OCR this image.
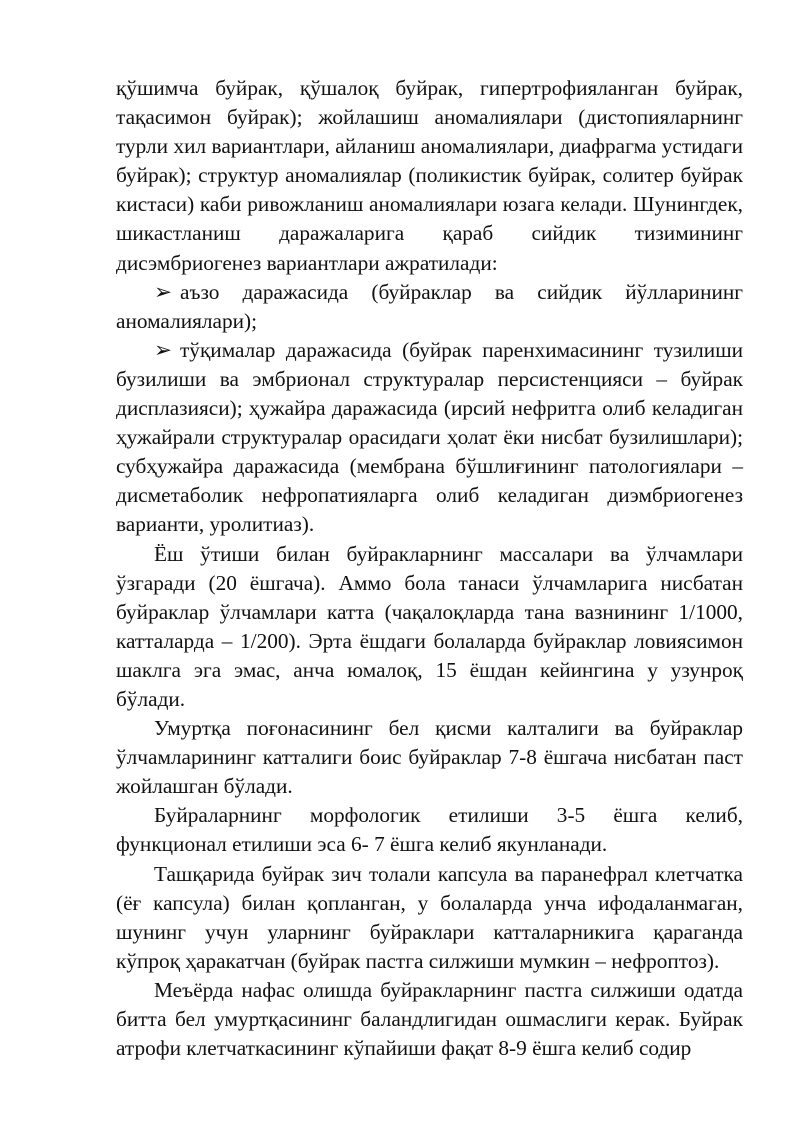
қўшимча буйрак, қўшалоқ буйрак, гипертрофияланган буйрак, тақасимон буйрак); жойлашиш аномалиялари (дистопияларнинг турли хил вариантлари, айланиш аномалиялари, диафрагма устидаги буйрак); структур аномалиялар (поликистик буйрак, солитер буйрак кистаси) каби ривожланиш аномалиялари юзага келади. Шунингдек, шикастланиш даражаларига қараб сийдик тизимининг дисэмбриогенез вариантлари ажратилади:

➢ аъзо даражасида (буйраклар ва сийдик йўлларининг аномалиялари);

➢ тўқималар даражасида (буйрак паренхимасининг тузилиши бузилиши ва эмбрионал структуралар персистенцияси – буйрак дисплазияси); ҳужайра даражасида (ирсий нефритга олиб келадиган ҳужайрали структуралар орасидаги ҳолат ёки нисбат бузилишлари); субҳужайра даражасида (мембрана бўшлиғининг патологиялари – дисметаболик нефропатияларга олиб келадиган диэмбриогенез варианти, уролитиаз).

Ёш ўтиши билан буйракларнинг массалари ва ўлчамлари ўзгаради (20 ёшгача). Аммо бола танаси ўлчамларига нисбатан буйраклар ўлчамлари катта (чақалоқларда тана вазнининг 1/1000, катталарда – 1/200). Эрта ёшдаги болаларда буйраклар ловиясимон шаклга эга эмас, анча юмалоқ, 15 ёшдан кейингина у узунроқ бўлади.

Умуртқа поғонасининг бел қисми калталиги ва буйраклар ўлчамларининг катталиги боис буйраклар 7-8 ёшгача нисбатан паст жойлашган бўлади.

Буйраларнинг морфологик етилиши 3-5 ёшга келиб, функционал етилиши эса 6- 7 ёшга келиб якунланади.

Ташқарида буйрак зич толали капсула ва паранефрал клетчатка (ёғ капсула) билан қопланган, у болаларда унча ифодаланмаган, шунинг учун уларнинг буйраклари катталарникига қараганда кўпроқ ҳаракатчан (буйрак пастга силжиши мумкин – нефроптоз).

Меъёрда нафас олишда буйракларнинг пастга силжиши одатда битта бел умуртқасининг баландлигидан ошмаслиги керак. Буйрак атрофи клетчаткасининг кўпайиши фақат 8-9 ёшга келиб содир
